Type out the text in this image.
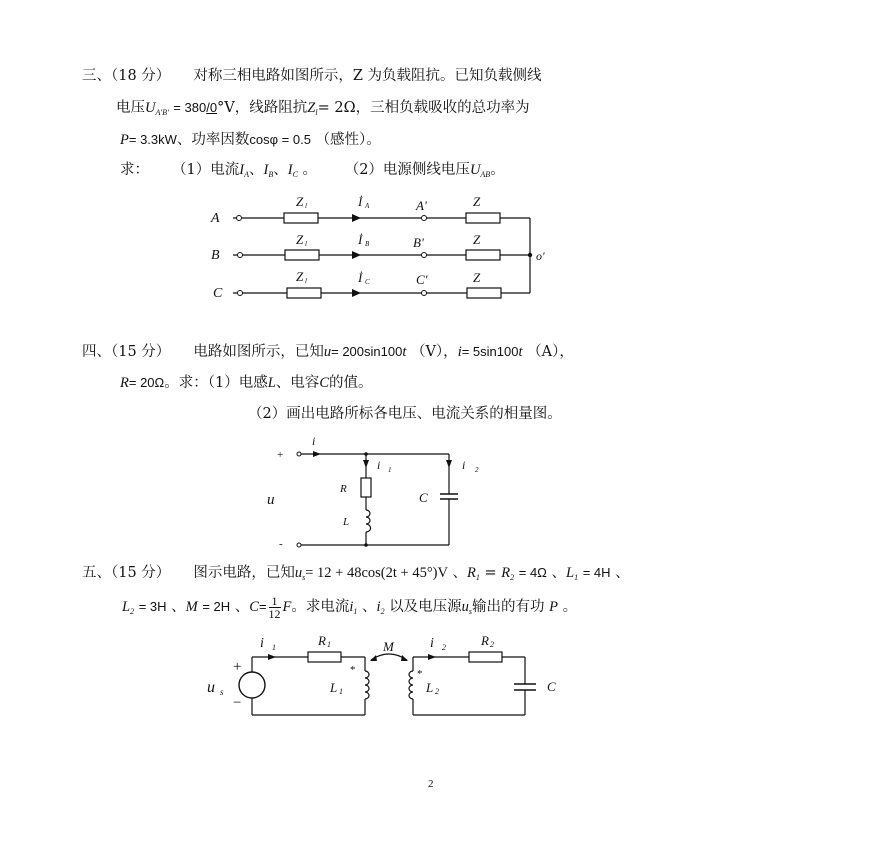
三、（18 分） 对称三相电路如图所示，Z 为负载阻抗。已知负载侧线
电压$U_{A'B'} = 380/0^\circ V$，线路阻抗$Z_l= 2\Omega$，三相负载吸收的总功率为
P= 3.3kW、功率因数cosφ = 0.5 （感性）。
求： （1）电流$I_A$、$I_B$、$I_C$ 。 （2）电源侧线电压$U_{AB}$。
A
B
C
Z l
Z l
Z l
İ A
İ B
İ C
A'
B'
C'
Z
Z
Z
o'
四、（15 分） 电路如图所示，已知u= 200sin100t （V），i= 5sin100t （A），
R= 20Ω。求：（1）电感L、电容C的值。
（2）画出电路所标各电压、电流关系的相量图。
+
-
i
i 1	i 2
R
L
C
u
五、（15 分） 图示电路，已知$u_s= 12 + 48\cos(2t + 45^\circ)V$ 、$R_1 = R_2 = 4\Omega$ 、$L_1 = 4H$ 、
$L_2 = 3H$ 、M = 2H 、$C= \frac{1}{12}$ F。求电流$i_1$ 、$i_2$ 以及电压源$u_s$输出的有功 P 。
i 1	R 1	M	i 2	R 2
*	*
L 1	L 2	C
+
−
u s
2
